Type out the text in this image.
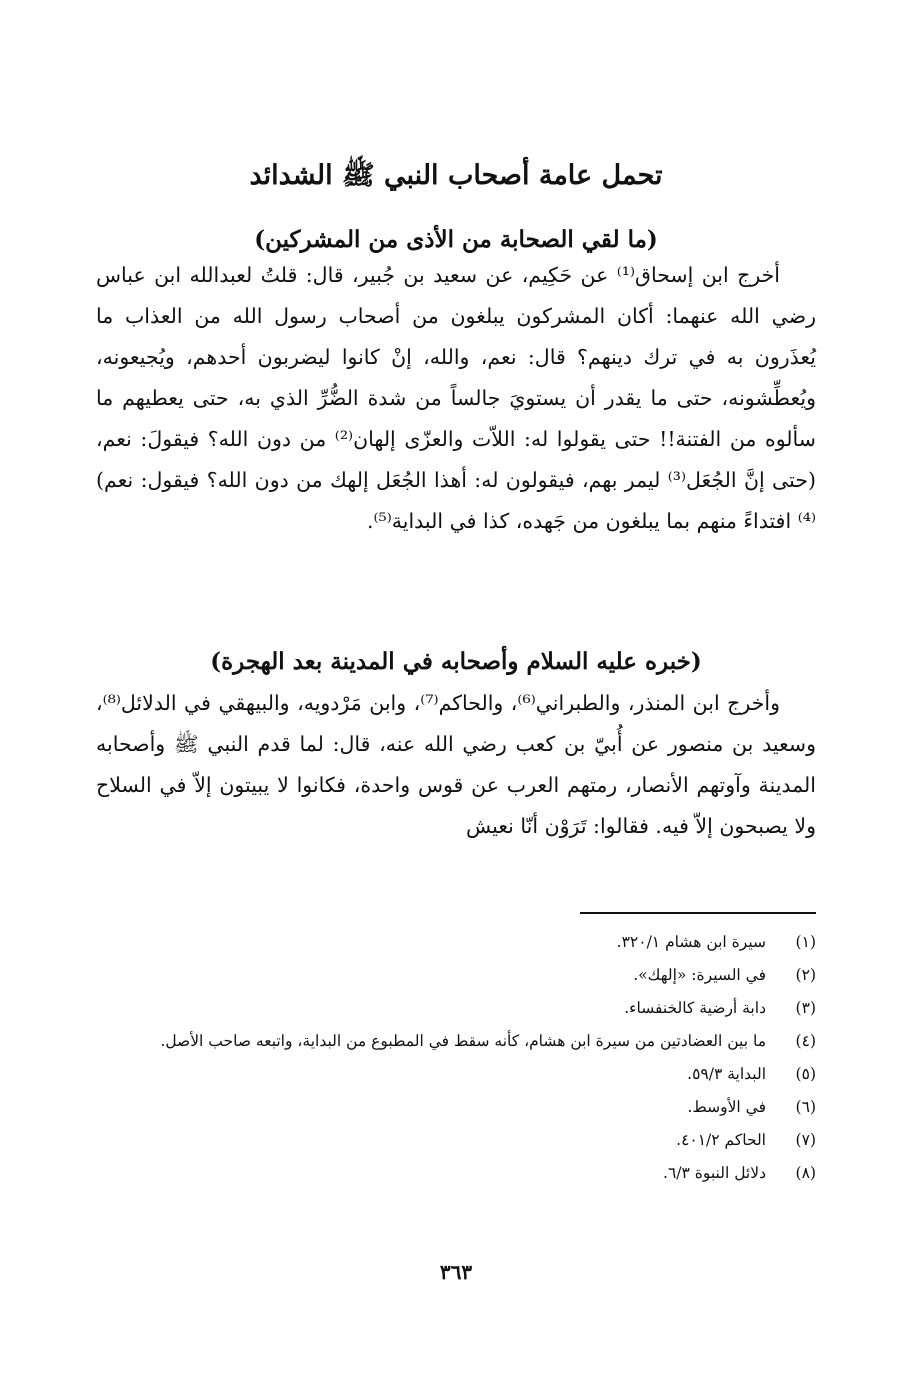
تحمل عامة أصحاب النبي ﷺ الشدائد
(ما لقي الصحابة من الأذى من المشركين)

أخرج ابن إسحاق⁽¹⁾ عن حَكِيم، عن سعيد بن جُبير، قال: قلتُ لعبدالله ابن عباس رضي الله عنهما: أكان المشركون يبلغون من أصحاب رسول الله من العذاب ما يُعذَرون به في ترك دينهم؟ قال: نعم، والله، إنْ كانوا ليضربون أحدهم، ويُجيعونه، ويُعطِّشونه، حتى ما يقدر أن يستويَ جالساً من شدة الضُّرِّ الذي به، حتى يعطيهم ما سألوه من الفتنة!! حتى يقولوا له: اللاّت والعزّى إلهان⁽²⁾ من دون الله؟ فيقولَ: نعم، (حتى إنَّ الجُعَل⁽³⁾ ليمر بهم، فيقولون له: أهذا الجُعَل إلهك من دون الله؟ فيقول: نعم)⁽⁴⁾ افتداءً منهم بما يبلغون من جَهده، كذا في البداية⁽⁵⁾.

(خبره عليه السلام وأصحابه في المدينة بعد الهجرة)

وأخرج ابن المنذر، والطبراني⁽⁶⁾، والحاكم⁽⁷⁾، وابن مَرْدويه، والبيهقي في الدلائل⁽⁸⁾، وسعيد بن منصور عن أُبيّ بن كعب رضي الله عنه، قال: لما قدم النبي ﷺ وأصحابه المدينة وآوتهم الأنصار، رمتهم العرب عن قوس واحدة، فكانوا لا يبيتون إلاّ في السلاح ولا يصبحون إلاّ فيه. فقالوا: تَرَوْن أنّا نعيش

(١)
سيرة ابن هشام ٣٢٠/١.
(٢)
في السيرة: «إلهك».
(٣)
دابة أرضية كالخنفساء.
(٤)
ما بين العضادتين من سيرة ابن هشام، كأنه سقط في المطبوع من البداية، واتبعه صاحب الأصل.
(٥)
البداية ٥٩/٣.
(٦)
في الأوسط.
(٧)
الحاكم ٤٠١/٢.
(٨)
دلائل النبوة ٦/٣.
٣٦٣
